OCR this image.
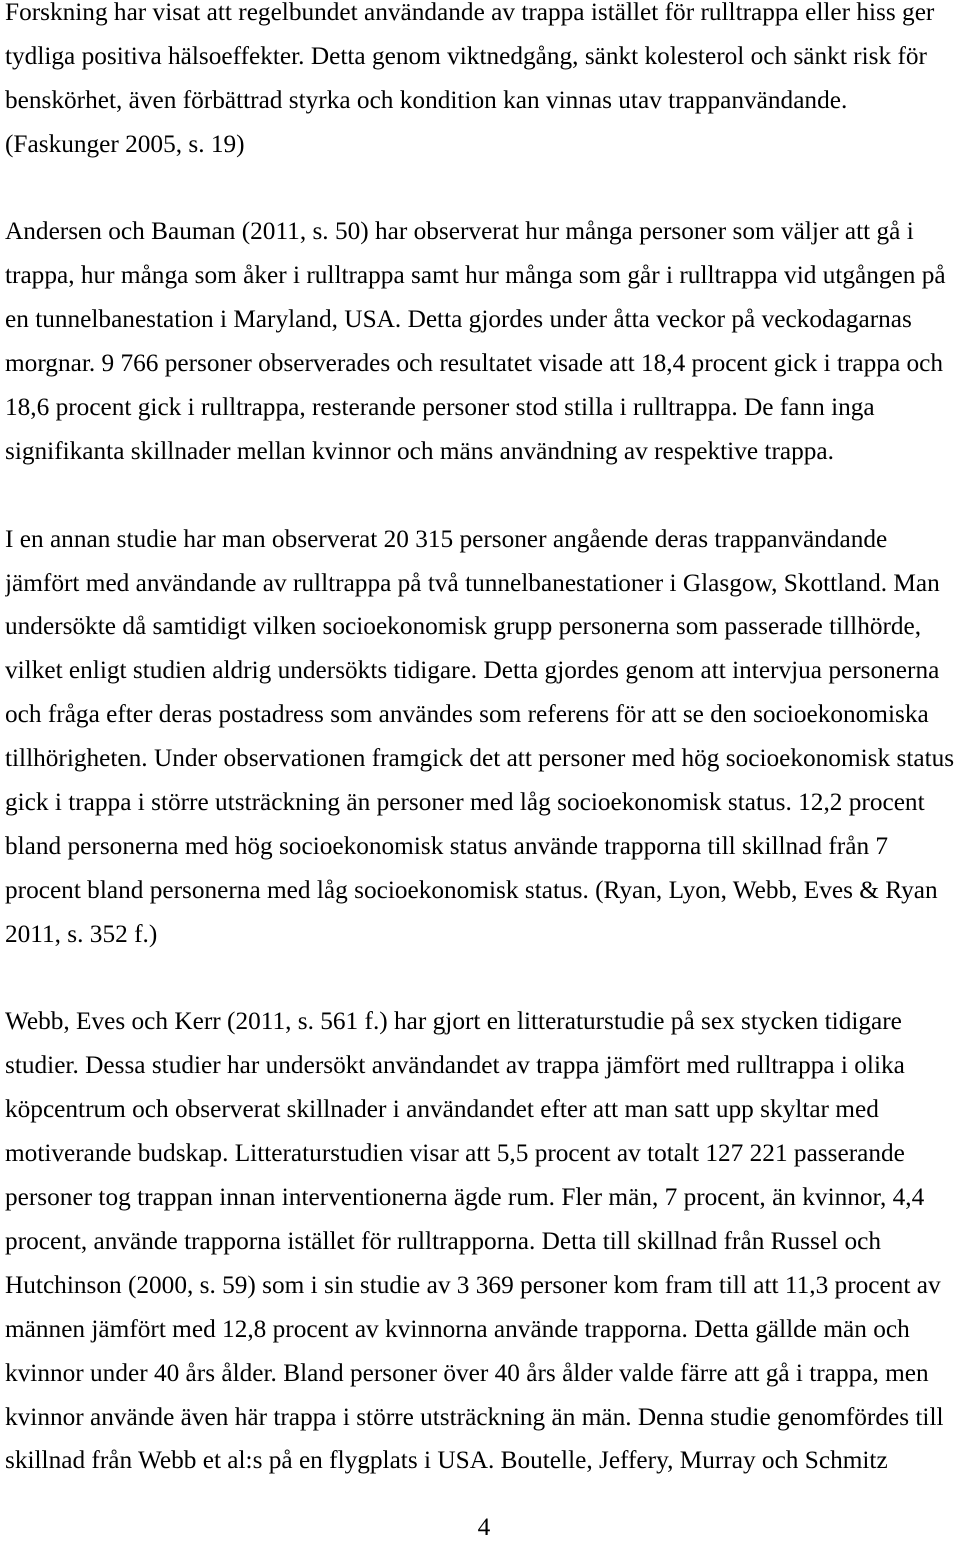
Forskning har visat att regelbundet användande av trappa istället för rulltrappa eller hiss ger
tydliga positiva hälsoeffekter. Detta genom viktnedgång, sänkt kolesterol och sänkt risk för
benskörhet, även förbättrad styrka och kondition kan vinnas utav trappanvändande.
(Faskunger 2005, s. 19)
Andersen och Bauman (2011, s. 50) har observerat hur många personer som väljer att gå i
trappa, hur många som åker i rulltrappa samt hur många som går i rulltrappa vid utgången på
en tunnelbanestation i Maryland, USA. Detta gjordes under åtta veckor på veckodagarnas
morgnar. 9 766 personer observerades och resultatet visade att 18,4 procent gick i trappa och
18,6 procent gick i rulltrappa, resterande personer stod stilla i rulltrappa. De fann inga
signifikanta skillnader mellan kvinnor och mäns användning av respektive trappa.
I en annan studie har man observerat 20 315 personer angående deras trappanvändande
jämfört med användande av rulltrappa på två tunnelbanestationer i Glasgow, Skottland. Man
undersökte då samtidigt vilken socioekonomisk grupp personerna som passerade tillhörde,
vilket enligt studien aldrig undersökts tidigare. Detta gjordes genom att intervjua personerna
och fråga efter deras postadress som användes som referens för att se den socioekonomiska
tillhörigheten. Under observationen framgick det att personer med hög socioekonomisk status
gick i trappa i större utsträckning än personer med låg socioekonomisk status. 12,2 procent
bland personerna med hög socioekonomisk status använde trapporna till skillnad från 7
procent bland personerna med låg socioekonomisk status. (Ryan, Lyon, Webb, Eves & Ryan
2011, s. 352 f.)
Webb, Eves och Kerr (2011, s. 561 f.) har gjort en litteraturstudie på sex stycken tidigare
studier. Dessa studier har undersökt användandet av trappa jämfört med rulltrappa i olika
köpcentrum och observerat skillnader i användandet efter att man satt upp skyltar med
motiverande budskap. Litteraturstudien visar att 5,5 procent av totalt 127 221 passerande
personer tog trappan innan interventionerna ägde rum. Fler män, 7 procent, än kvinnor, 4,4
procent, använde trapporna istället för rulltrapporna. Detta till skillnad från Russel och
Hutchinson (2000, s. 59) som i sin studie av 3 369 personer kom fram till att 11,3 procent av
männen jämfört med 12,8 procent av kvinnorna använde trapporna. Detta gällde män och
kvinnor under 40 års ålder. Bland personer över 40 års ålder valde färre att gå i trappa, men
kvinnor använde även här trappa i större utsträckning än män. Denna studie genomfördes till
skillnad från Webb et al:s på en flygplats i USA. Boutelle, Jeffery, Murray och Schmitz
4
